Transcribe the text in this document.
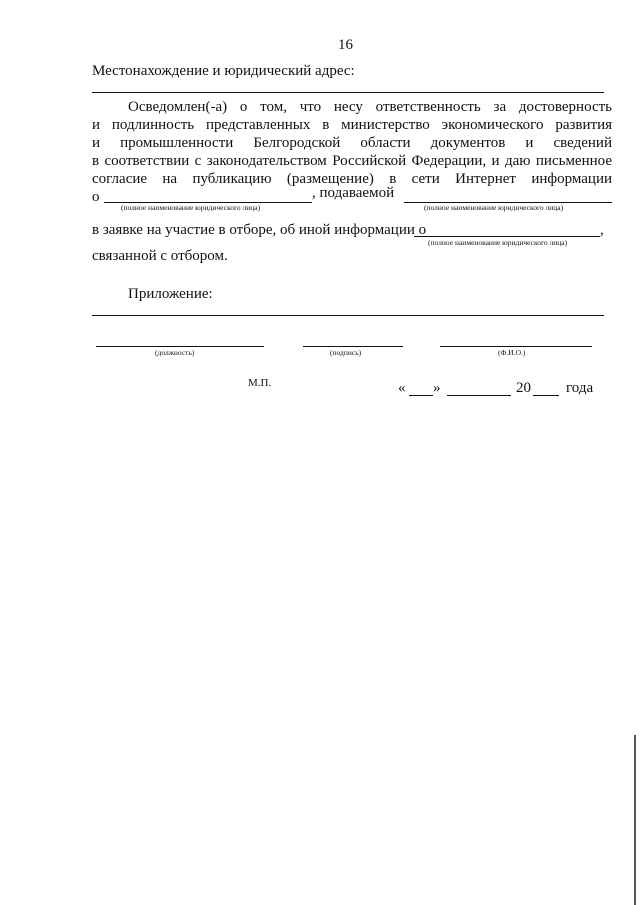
16
Местонахождение и юридический адрес:
Осведомлен(-а) о том, что несу ответственность за достоверность
и подлинность представленных в министерство экономического развития
и промышленности Белгородской области документов и сведений
в соответствии с законодательством Российской Федерации, и даю письменное
согласие на публикацию (размещение) в сети Интернет информации
о	, подаваемой
(полное наименование юридического лица)	(полное наименование юридического лица)
в заявке на участие в отборе, об иной информации о	,
(полное наименование юридического лица)
связанной с отбором.
Приложение:
(должность)	(подпись)	(Ф.И.О.)
М.П.	« »	20 года
